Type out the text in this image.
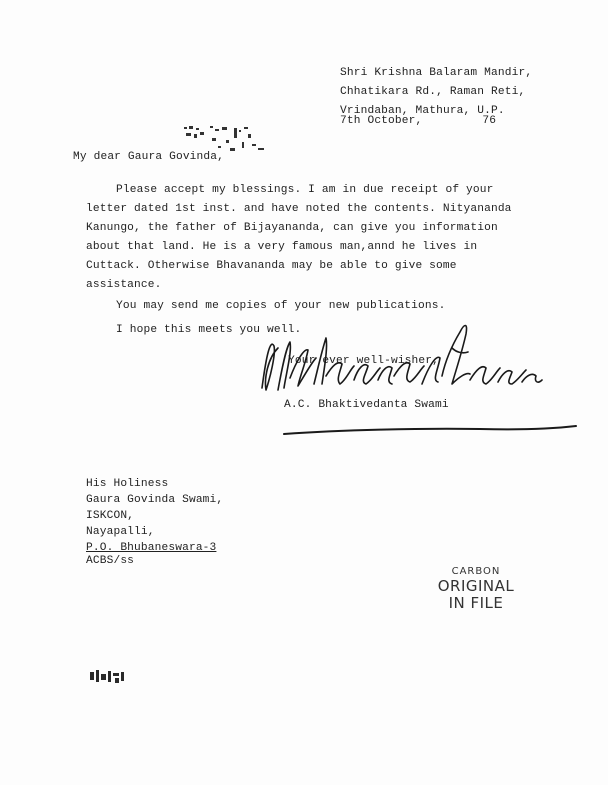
Shri Krishna Balaram Mandir,
Chhatikara Rd., Raman Reti,
Vrindaban, Mathura, U.P.
7th October,	76
My dear Gaura Govinda,
Please accept my blessings. I am in due receipt of your
letter dated 1st inst. and have noted the contents. Nityananda
Kanungo, the father of Bijayananda, can give you information
about that land. He is a very famous man,annd he lives in
Cuttack. Otherwise Bhavananda may be able to give some
assistance.
You may send me copies of your new publications.
I hope this meets you well.
Your ever well-wisher,
A.C. Bhaktivedanta Swami
His Holiness
Gaura Govinda Swami,
ISKCON,
Nayapalli,
P.O. Bhubaneswara-3
ACBS/ss
CARBON
ORIGINAL
IN FILE
